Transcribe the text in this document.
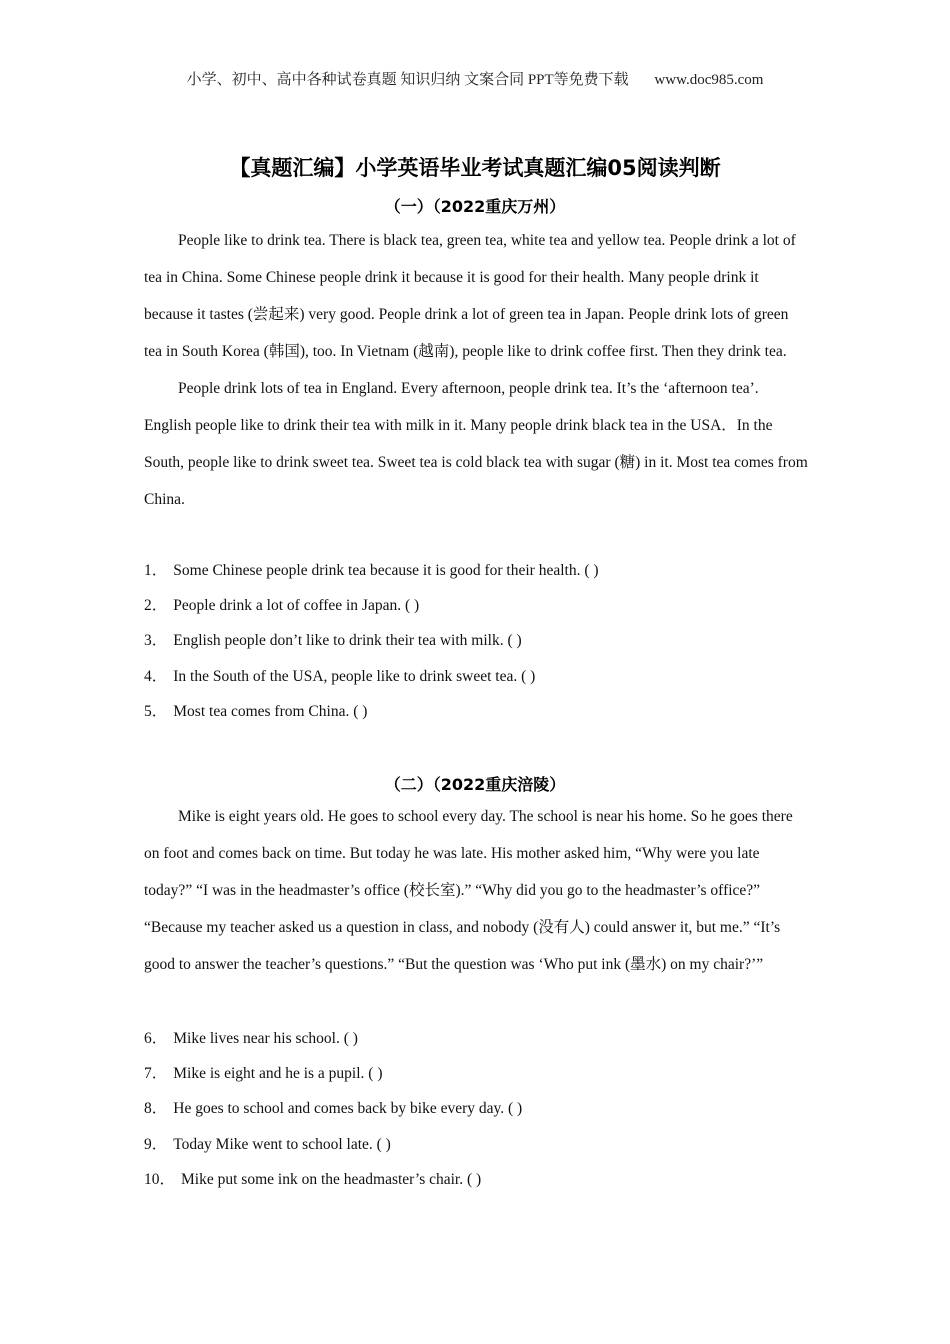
小学、初中、高中各种试卷真题 知识归纳 文案合同 PPT等免费下载 www.doc985.com
【真题汇编】小学英语毕业考试真题汇编05阅读判断
（一）（2022重庆万州）

People like to drink tea. There is black tea, green tea, white tea and yellow tea. People drink a lot of tea in China. Some Chinese people drink it because it is good for their health. Many people drink it because it tastes (尝起来) very good. People drink a lot of green tea in Japan. People drink lots of green tea in South Korea (韩国), too. In Vietnam (越南), people like to drink coffee first. Then they drink tea.

People drink lots of tea in England. Every afternoon, people drink tea. It’s the ‘afternoon tea’. English people like to drink their tea with milk in it. Many people drink black tea in the USA．In the South, people like to drink sweet tea. Sweet tea is cold black tea with sugar (糖) in it. Most tea comes from China.

1． Some Chinese people drink tea because it is good for their health. ( )
2． People drink a lot of coffee in Japan. ( )
3． English people don’t like to drink their tea with milk. ( )
4． In the South of the USA, people like to drink sweet tea. ( )
5． Most tea comes from China. ( )
（二）（2022重庆涪陵）

Mike is eight years old. He goes to school every day. The school is near his home. So he goes there on foot and comes back on time. But today he was late. His mother asked him, “Why were you late today?” “I was in the headmaster’s office (校长室).” “Why did you go to the headmaster’s office?” “Because my teacher asked us a question in class, and nobody (没有人) could answer it, but me.” “It’s good to answer the teacher’s questions.” “But the question was ‘Who put ink (墨水) on my chair?’”

6． Mike lives near his school. ( )
7． Mike is eight and he is a pupil. ( )
8． He goes to school and comes back by bike every day. ( )
9． Today Mike went to school late. ( )
10． Mike put some ink on the headmaster’s chair. ( )
